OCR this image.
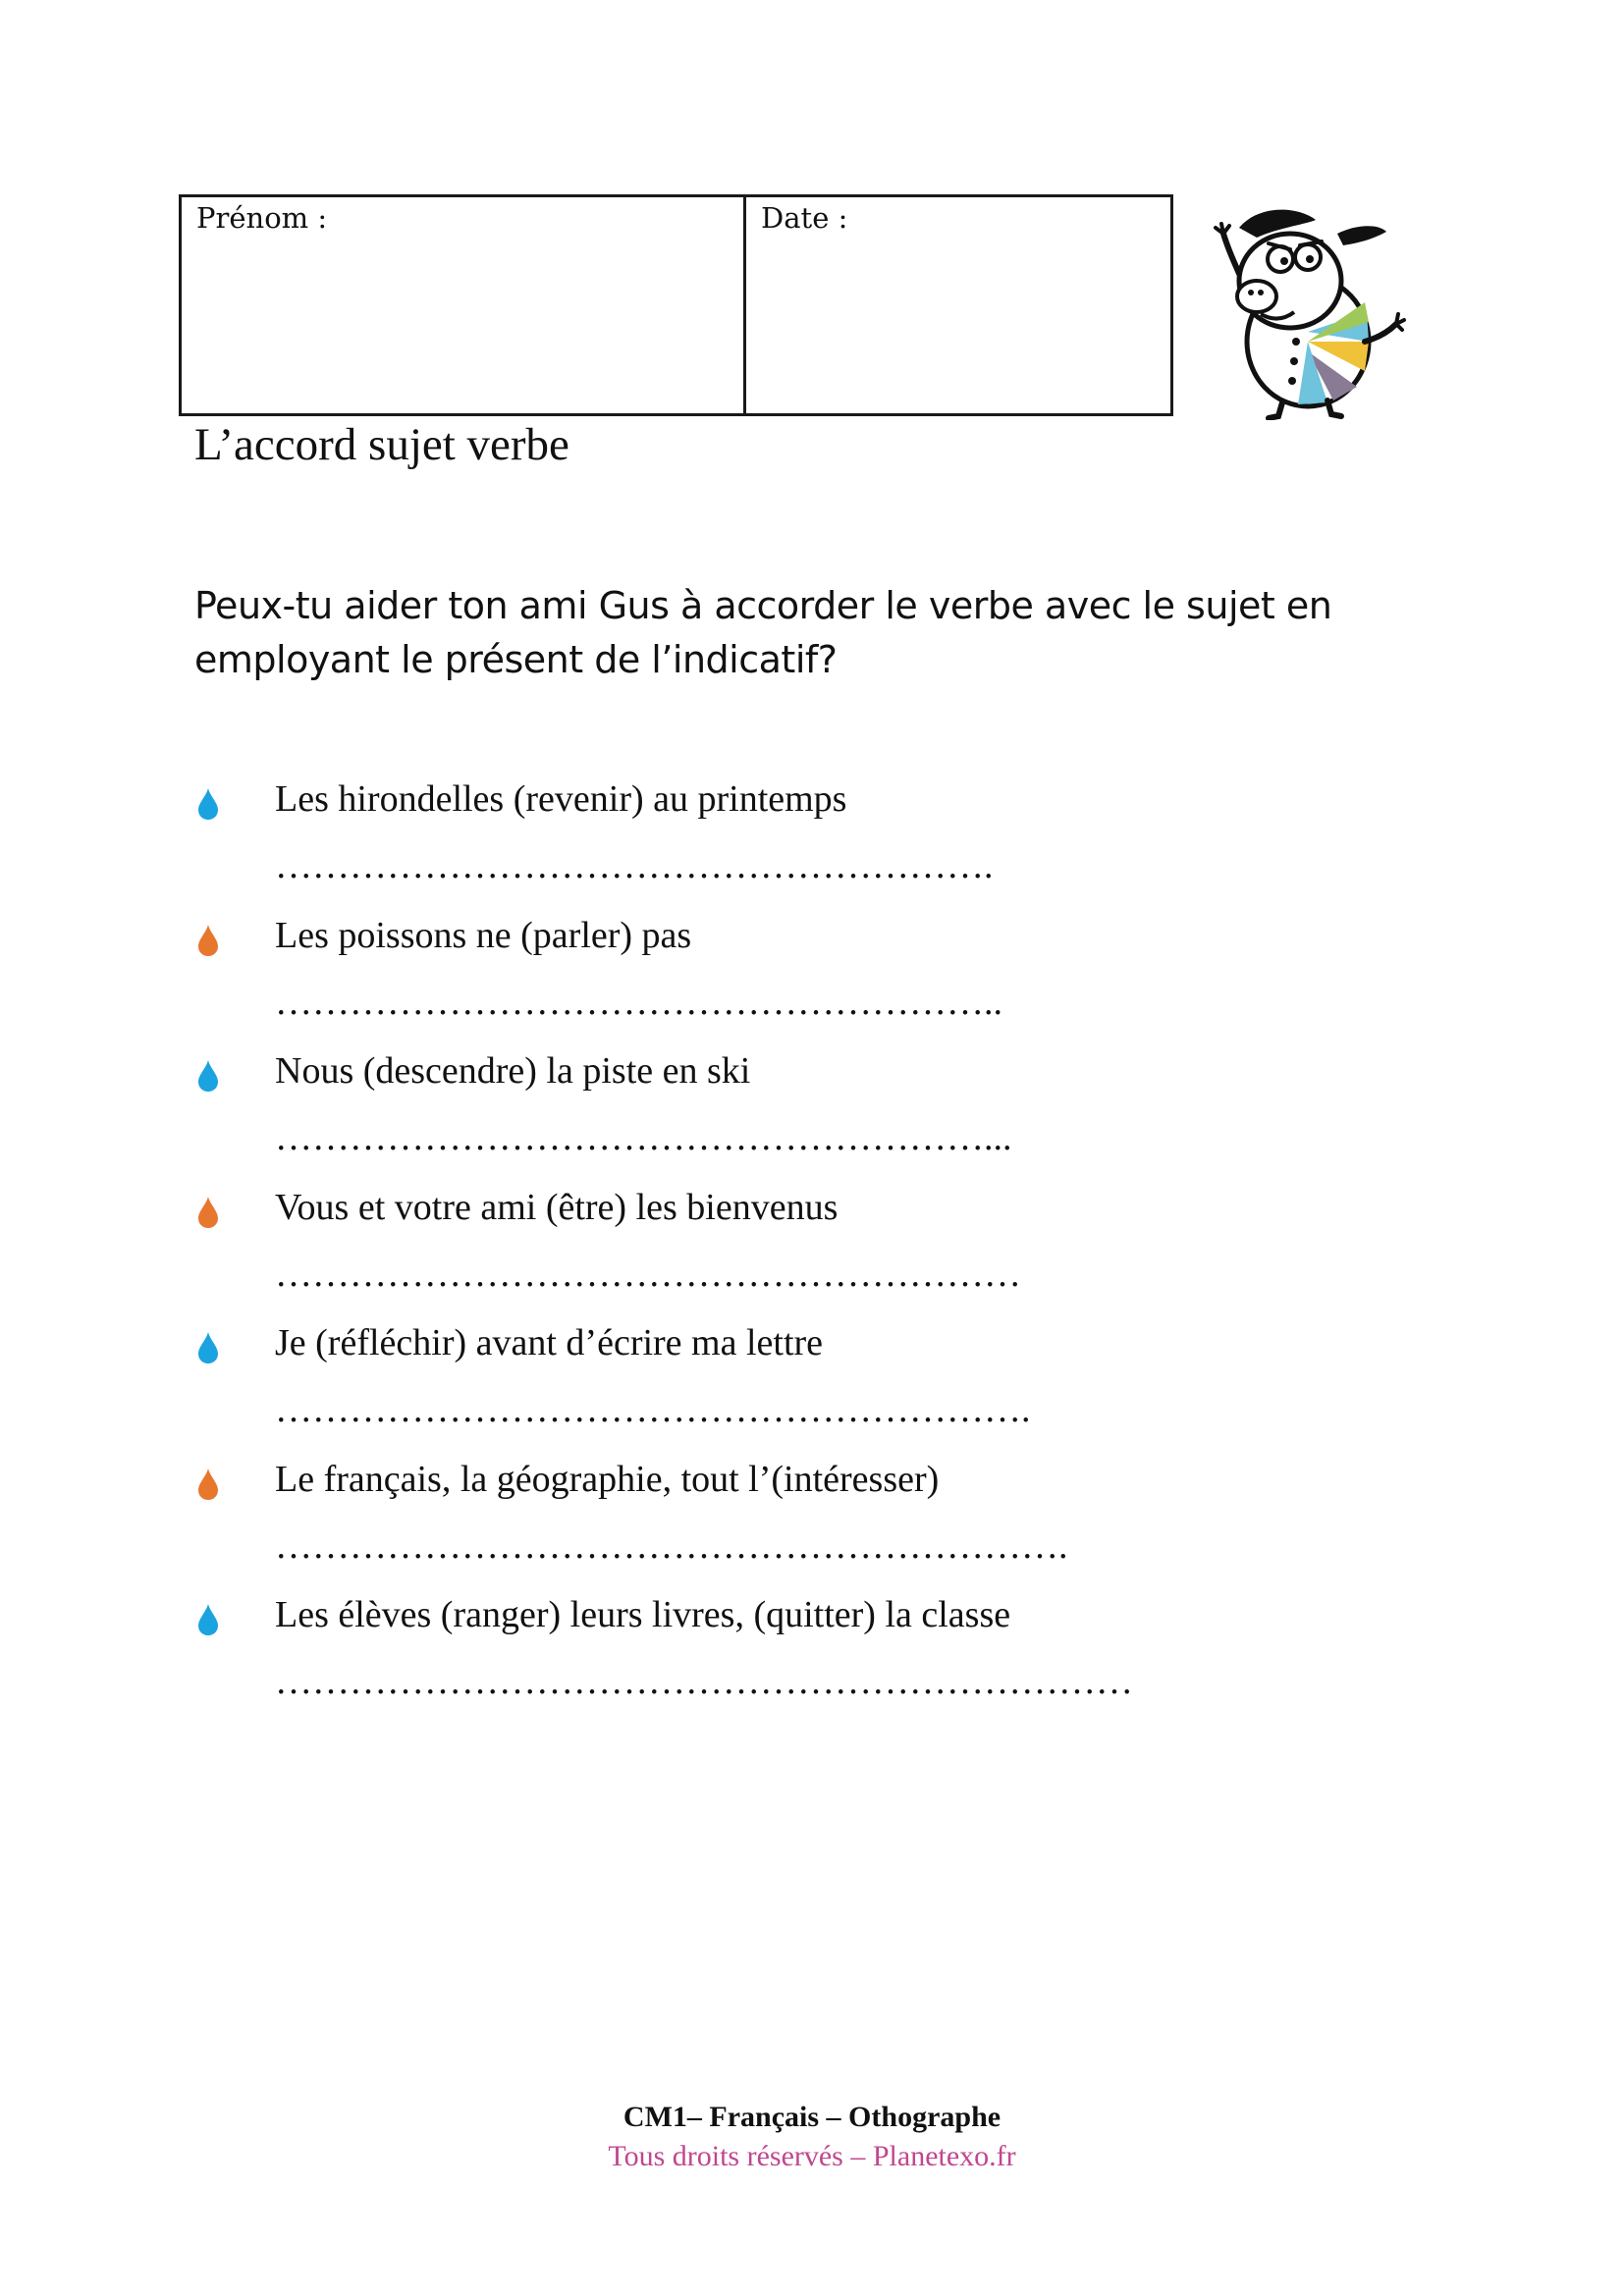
Prénom :	Date :
L’accord sujet verbe
Peux-tu aider ton ami Gus à accorder le verbe avec le sujet en employant le présent de l’indicatif?
Les hirondelles (revenir) au printemps
………………………………………………….
Les poissons ne (parler) pas
…………………………………………………..
Nous (descendre) la piste en ski
…………………………………………………...
Vous et votre ami (être) les bienvenus
……………………………………………………
Je (réfléchir) avant d’écrire ma lettre
…………………………………………………….
Le français, la géographie, tout l’(intéresser)
……………………………………………………….
Les élèves (ranger) leurs livres, (quitter) la classe
……………………………………………………………
CM1– Français – Othographe
Tous droits réservés – Planetexo.fr
